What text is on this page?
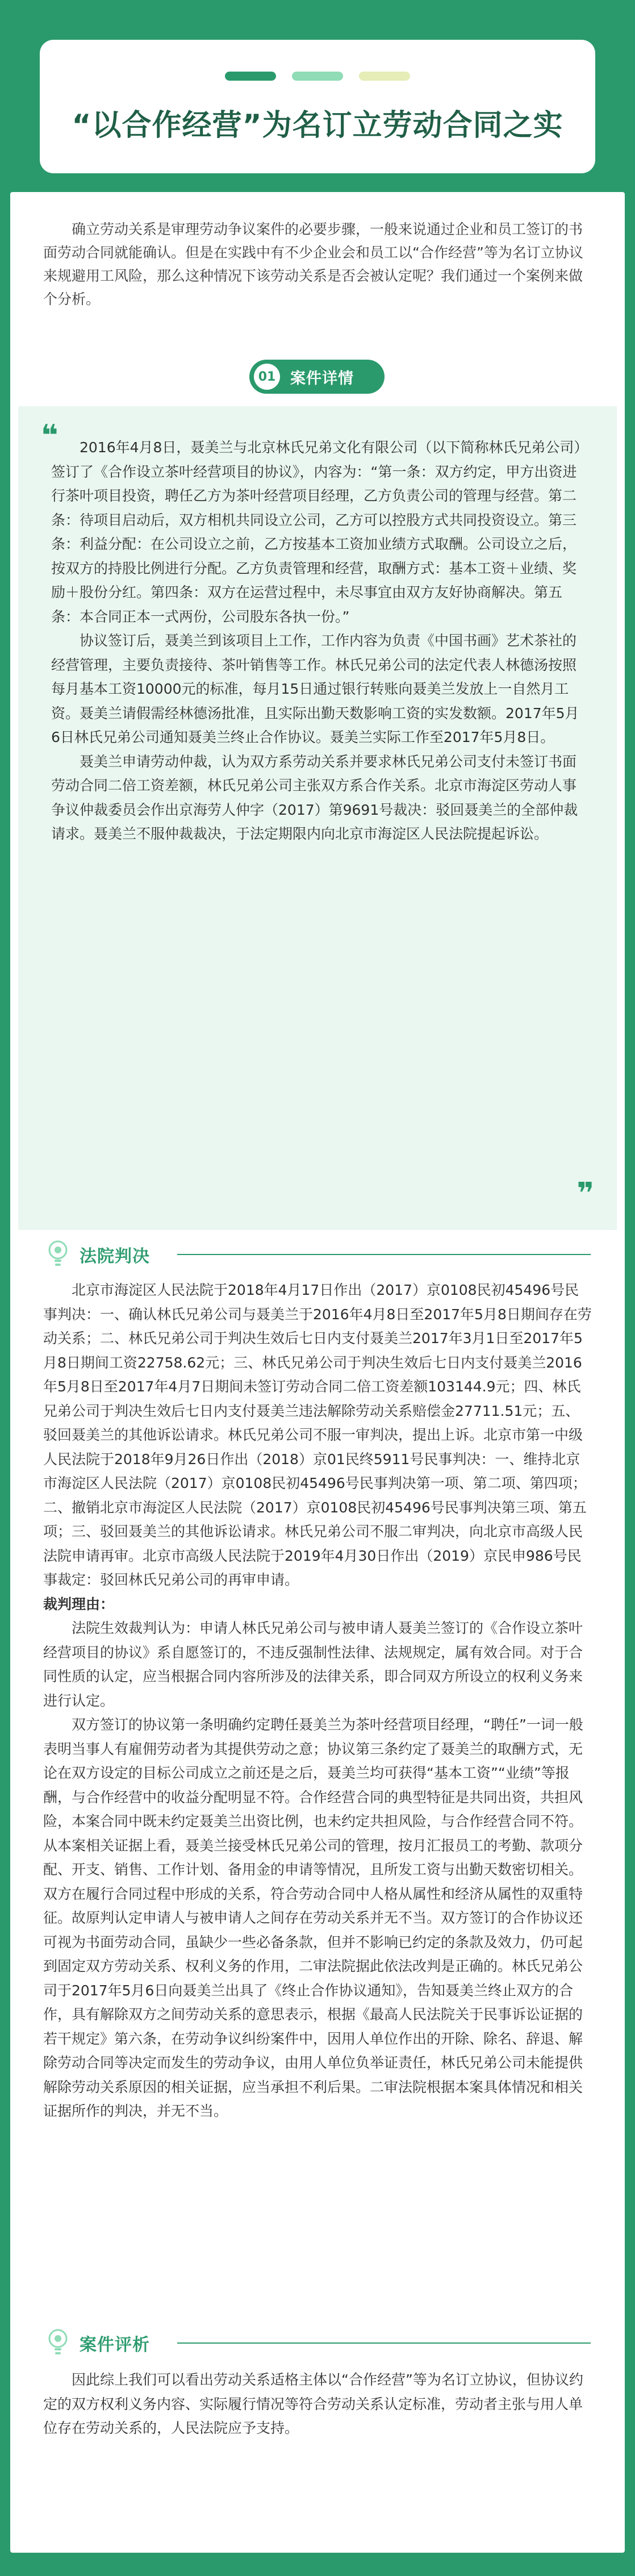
“以合作经营”为名订立劳动合同之实

确立劳动关系是审理劳动争议案件的必要步骤，一般来说通过企业和员工签订的书面劳动合同就能确认。但是在实践中有不少企业会和员工以“合作经营”等为名订立协议来规避用工风险，那么这种情况下该劳动关系是否会被认定呢？我们通过一个案例来做个分析。

01 案件详情
❝	2016年4月8日，聂美兰与北京林氏兄弟文化有限公司（以下简称林氏兄弟公司）签订了《合作设立茶叶经营项目的协议》，内容为：“第一条：双方约定，甲方出资进行茶叶项目投资，聘任乙方为茶叶经营项目经理，乙方负责公司的管理与经营。第二条：待项目启动后，双方相机共同设立公司，乙方可以控股方式共同投资设立。第三条：利益分配：在公司设立之前，乙方按基本工资加业绩方式取酬。公司设立之后，按双方的持股比例进行分配。乙方负责管理和经营，取酬方式：基本工资＋业绩、奖励＋股份分红。第四条：双方在运营过程中，未尽事宜由双方友好协商解决。第五条：本合同正本一式两份，公司股东各执一份。”

协议签订后，聂美兰到该项目上工作，工作内容为负责《中国书画》艺术茶社的经营管理，主要负责接待、茶叶销售等工作。林氏兄弟公司的法定代表人林德汤按照每月基本工资10000元的标准，每月15日通过银行转账向聂美兰发放上一自然月工资。聂美兰请假需经林德汤批准，且实际出勤天数影响工资的实发数额。2017年5月6日林氏兄弟公司通知聂美兰终止合作协议。聂美兰实际工作至2017年5月8日。

聂美兰申请劳动仲裁，认为双方系劳动关系并要求林氏兄弟公司支付未签订书面劳动合同二倍工资差额，林氏兄弟公司主张双方系合作关系。北京市海淀区劳动人事争议仲裁委员会作出京海劳人仲字（2017）第9691号裁决：驳回聂美兰的全部仲裁请求。聂美兰不服仲裁裁决，于法定期限内向北京市海淀区人民法院提起诉讼。

❞
法院判决

北京市海淀区人民法院于2018年4月17日作出（2017）京0108民初45496号民事判决：一、确认林氏兄弟公司与聂美兰于2016年4月8日至2017年5月8日期间存在劳动关系；二、林氏兄弟公司于判决生效后七日内支付聂美兰2017年3月1日至2017年5月8日期间工资22758.62元；三、林氏兄弟公司于判决生效后七日内支付聂美兰2016年5月8日至2017年4月7日期间未签订劳动合同二倍工资差额103144.9元；四、林氏兄弟公司于判决生效后七日内支付聂美兰违法解除劳动关系赔偿金27711.51元；五、驳回聂美兰的其他诉讼请求。林氏兄弟公司不服一审判决，提出上诉。北京市第一中级人民法院于2018年9月26日作出（2018）京01民终5911号民事判决：一、维持北京市海淀区人民法院（2017）京0108民初45496号民事判决第一项、第二项、第四项；二、撤销北京市海淀区人民法院（2017）京0108民初45496号民事判决第三项、第五项；三、驳回聂美兰的其他诉讼请求。林氏兄弟公司不服二审判决，向北京市高级人民法院申请再审。北京市高级人民法院于2019年4月30日作出（2019）京民申986号民事裁定：驳回林氏兄弟公司的再审申请。

裁判理由：

法院生效裁判认为：申请人林氏兄弟公司与被申请人聂美兰签订的《合作设立茶叶经营项目的协议》系自愿签订的，不违反强制性法律、法规规定，属有效合同。对于合同性质的认定，应当根据合同内容所涉及的法律关系，即合同双方所设立的权利义务来进行认定。

双方签订的协议第一条明确约定聘任聂美兰为茶叶经营项目经理，“聘任”一词一般表明当事人有雇佣劳动者为其提供劳动之意；协议第三条约定了聂美兰的取酬方式，无论在双方设定的目标公司成立之前还是之后，聂美兰均可获得“基本工资”“业绩”等报酬，与合作经营中的收益分配明显不符。合作经营合同的典型特征是共同出资，共担风险，本案合同中既未约定聂美兰出资比例，也未约定共担风险，与合作经营合同不符。从本案相关证据上看，聂美兰接受林氏兄弟公司的管理，按月汇报员工的考勤、款项分配、开支、销售、工作计划、备用金的申请等情况，且所发工资与出勤天数密切相关。双方在履行合同过程中形成的关系，符合劳动合同中人格从属性和经济从属性的双重特征。故原判认定申请人与被申请人之间存在劳动关系并无不当。双方签订的合作协议还可视为书面劳动合同，虽缺少一些必备条款，但并不影响已约定的条款及效力，仍可起到固定双方劳动关系、权利义务的作用，二审法院据此依法改判是正确的。林氏兄弟公司于2017年5月6日向聂美兰出具了《终止合作协议通知》，告知聂美兰终止双方的合作，具有解除双方之间劳动关系的意思表示，根据《最高人民法院关于民事诉讼证据的若干规定》第六条，在劳动争议纠纷案件中，因用人单位作出的开除、除名、辞退、解除劳动合同等决定而发生的劳动争议，由用人单位负举证责任，林氏兄弟公司未能提供解除劳动关系原因的相关证据，应当承担不利后果。二审法院根据本案具体情况和相关证据所作的判决，并无不当。

案件评析

因此综上我们可以看出劳动关系适格主体以“合作经营”等为名订立协议，但协议约定的双方权利义务内容、实际履行情况等符合劳动关系认定标准，劳动者主张与用人单位存在劳动关系的，人民法院应予支持。
